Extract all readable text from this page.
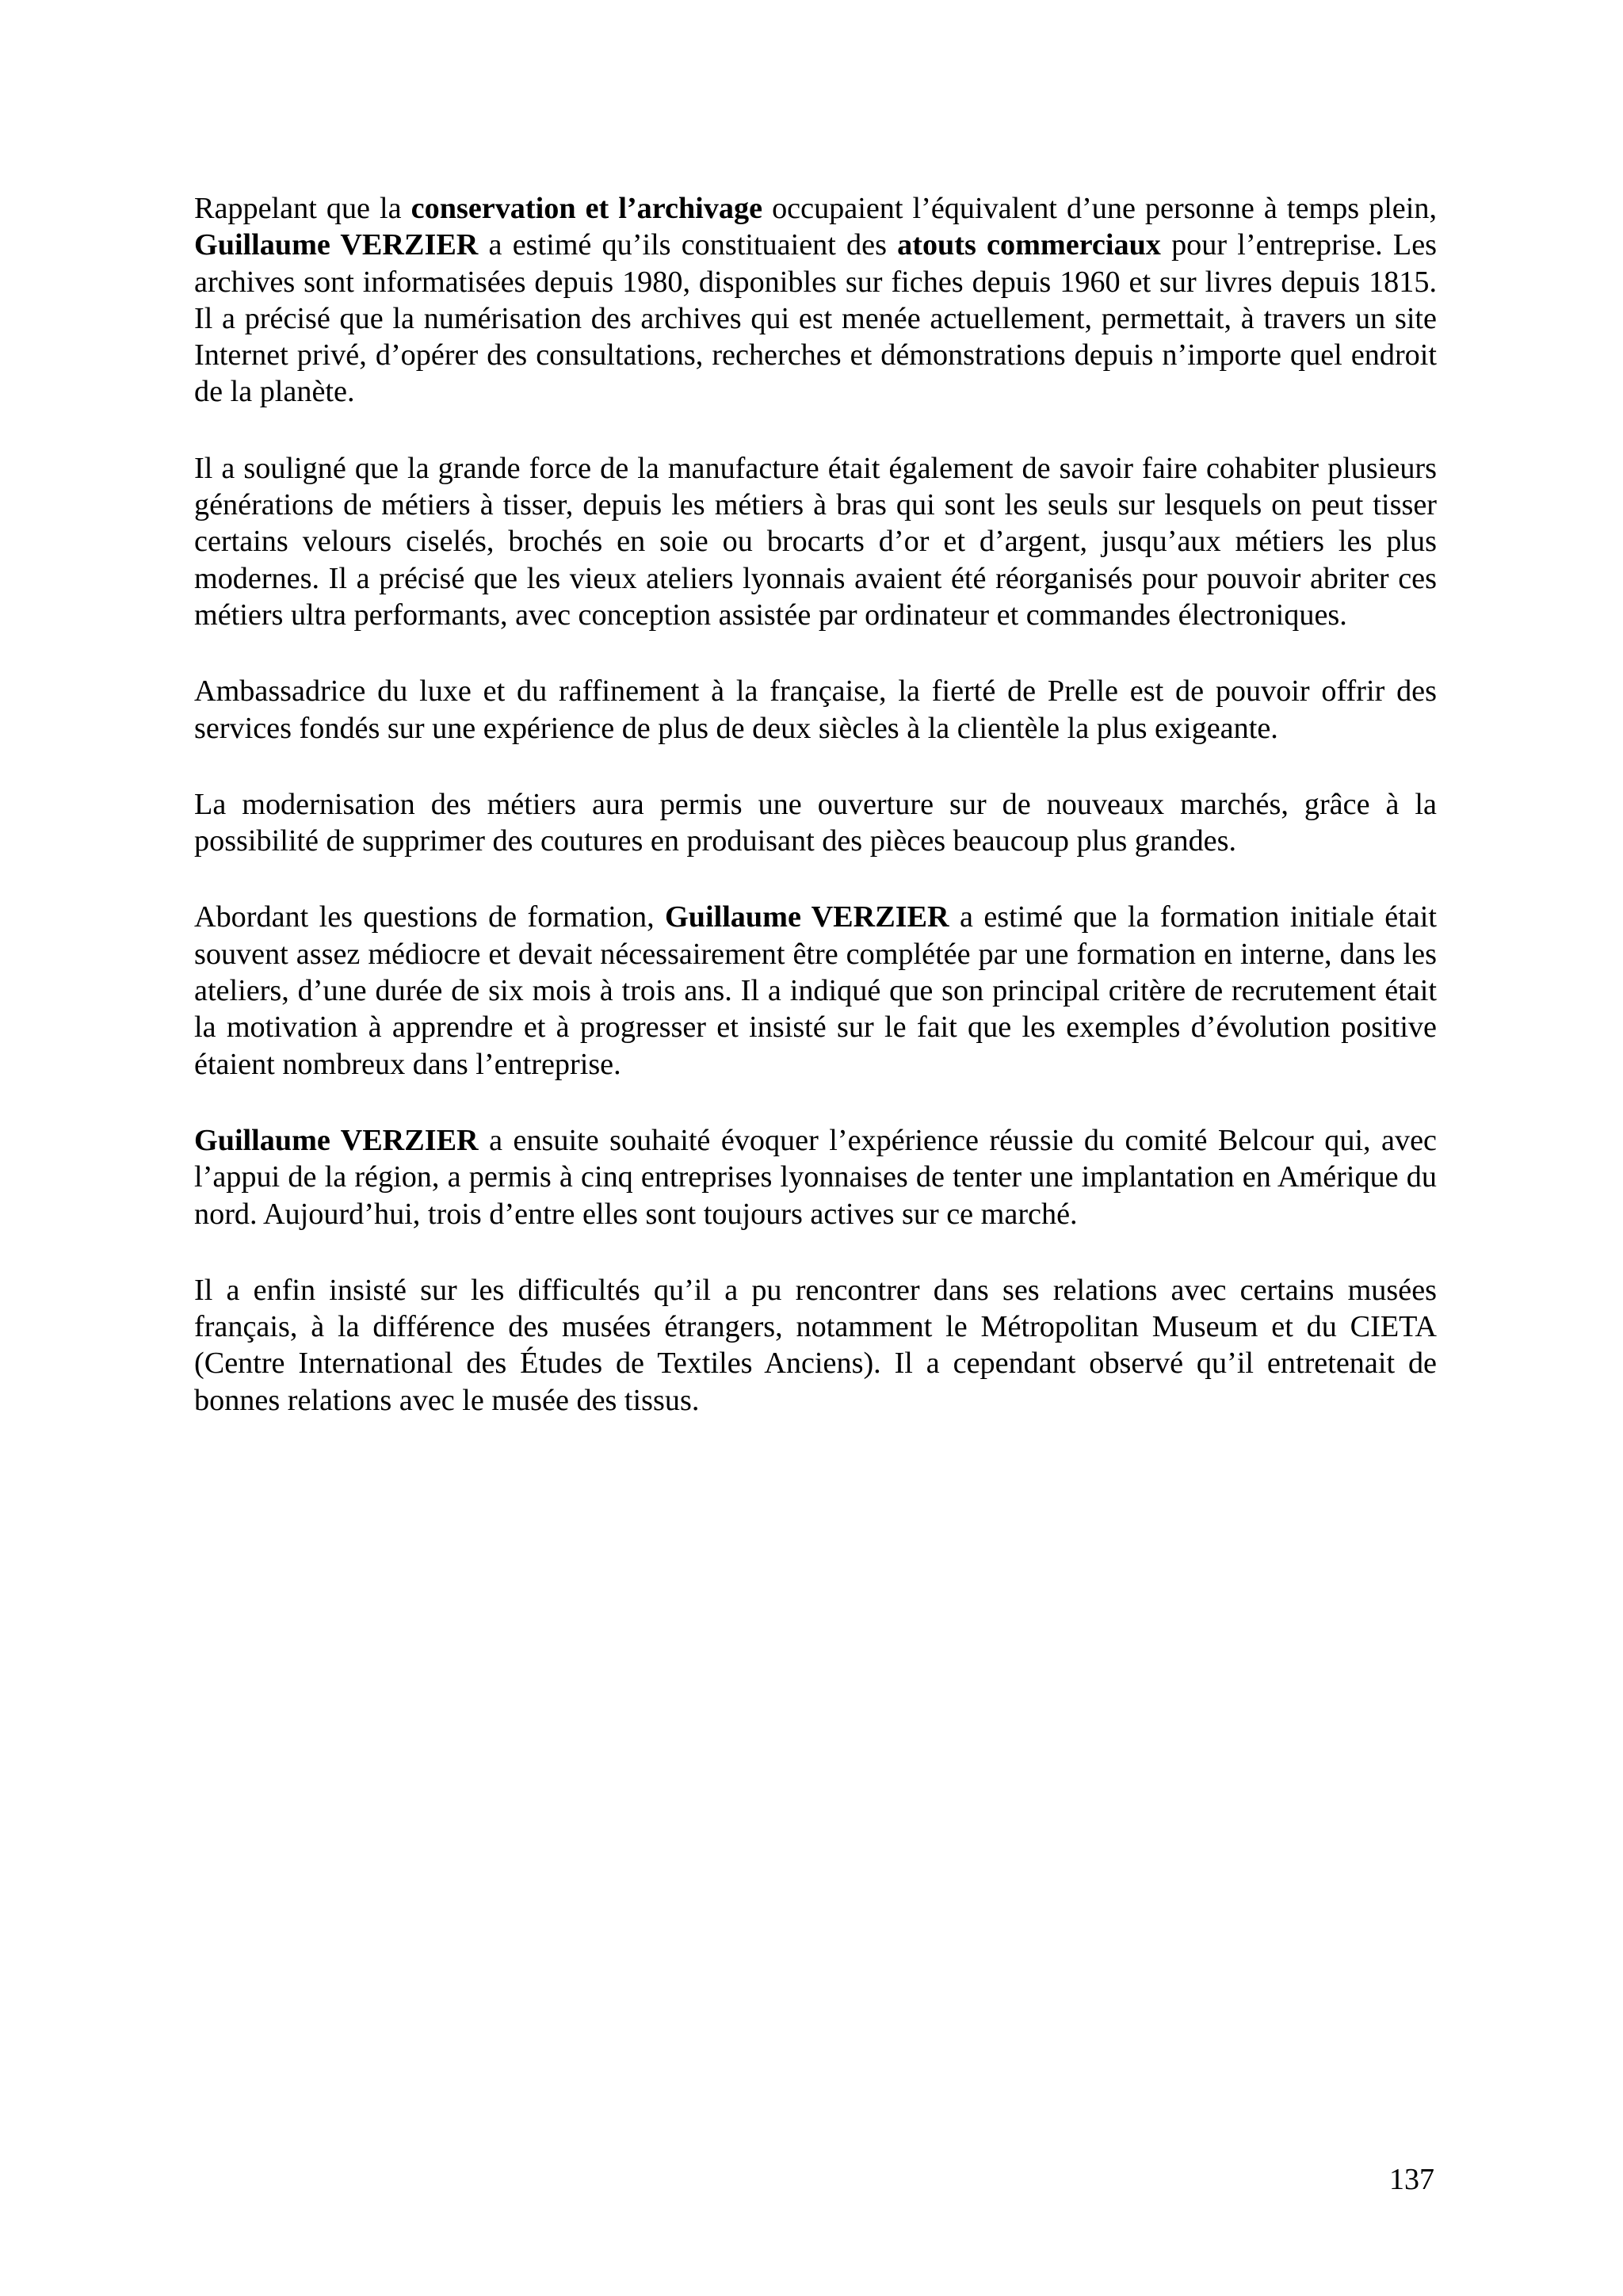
Rappelant que la conservation et l’archivage occupaient l’équivalent d’une personne à temps plein, Guillaume VERZIER a estimé qu’ils constituaient des atouts commerciaux pour l’entreprise. Les archives sont informatisées depuis 1980, disponibles sur fiches depuis 1960 et sur livres depuis 1815. Il a précisé que la numérisation des archives qui est menée actuellement, permettait, à travers un site Internet privé, d’opérer des consultations, recherches et démonstrations depuis n’importe quel endroit de la planète.

Il a souligné que la grande force de la manufacture était également de savoir faire cohabiter plusieurs générations de métiers à tisser, depuis les métiers à bras qui sont les seuls sur lesquels on peut tisser certains velours ciselés, brochés en soie ou brocarts d’or et d’argent, jusqu’aux métiers les plus modernes. Il a précisé que les vieux ateliers lyonnais avaient été réorganisés pour pouvoir abriter ces métiers ultra performants, avec conception assistée par ordinateur et commandes électroniques.

Ambassadrice du luxe et du raffinement à la française, la fierté de Prelle est de pouvoir offrir des services fondés sur une expérience de plus de deux siècles à la clientèle la plus exigeante.

La modernisation des métiers aura permis une ouverture sur de nouveaux marchés, grâce à la possibilité de supprimer des coutures en produisant des pièces beaucoup plus grandes.

Abordant les questions de formation, Guillaume VERZIER a estimé que la formation initiale était souvent assez médiocre et devait nécessairement être complétée par une formation en interne, dans les ateliers, d’une durée de six mois à trois ans. Il a indiqué que son principal critère de recrutement était la motivation à apprendre et à progresser et insisté sur le fait que les exemples d’évolution positive étaient nombreux dans l’entreprise.

Guillaume VERZIER a ensuite souhaité évoquer l’expérience réussie du comité Belcour qui, avec l’appui de la région, a permis à cinq entreprises lyonnaises de tenter une implantation en Amérique du nord. Aujourd’hui, trois d’entre elles sont toujours actives sur ce marché.

Il a enfin insisté sur les difficultés qu’il a pu rencontrer dans ses relations avec certains musées français, à la différence des musées étrangers, notamment le Métropolitan Museum et du CIETA (Centre International des Études de Textiles Anciens). Il a cependant observé qu’il entretenait de bonnes relations avec le musée des tissus.

137
